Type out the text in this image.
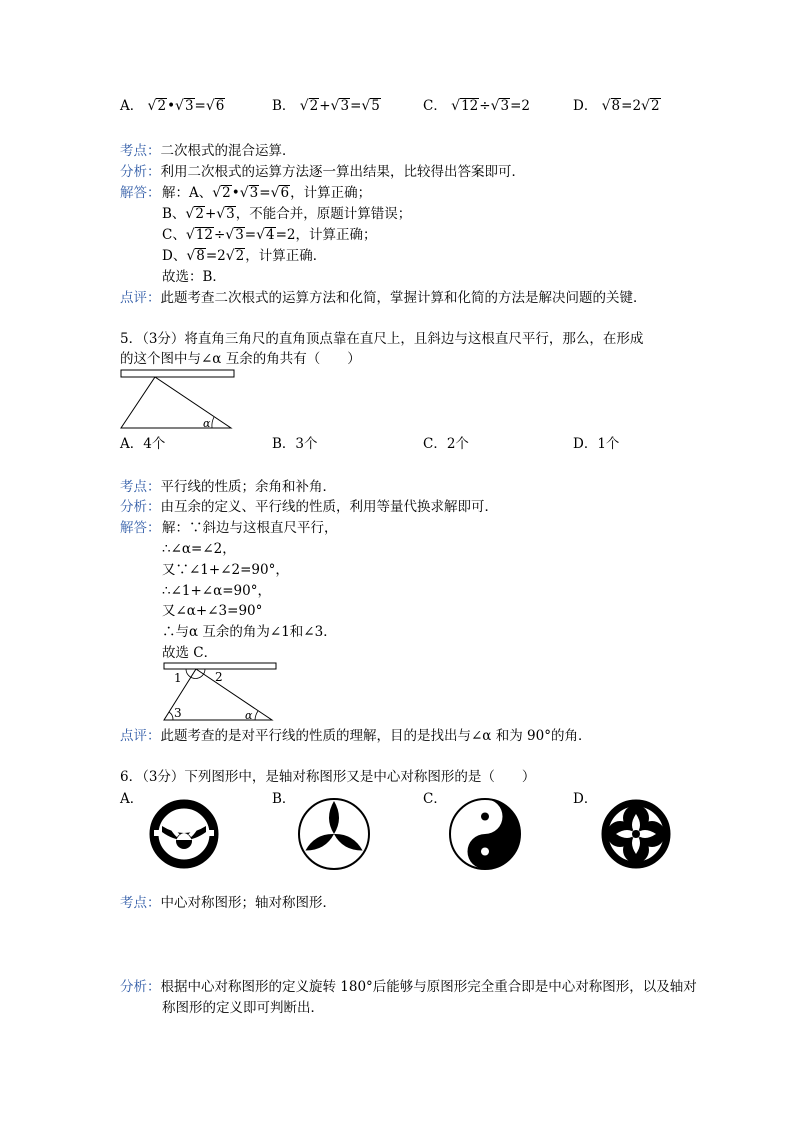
A． √2•√3=√6	B． √2+√3=√5	C． √12÷√3=2	D． √8=2√2
考点：二次根式的混合运算．
分析：利用二次根式的运算方法逐一算出结果，比较得出答案即可．
解答： 解：A、√2•√3=√6，计算正确；
B、√2+√3，不能合并，原题计算错误；
C、√12÷√3=√4=2，计算正确；
D、√8=2√2，计算正确．
故选：B．
点评：此题考查二次根式的运算方法和化简，掌握计算和化简的方法是解决问题的关键．
5．（3分）将直角三角尺的直角顶点靠在直尺上，且斜边与这根直尺平行，那么，在形成
的这个图中与∠α 互余的角共有（　　）
α
A．4个	B．3个	C．2个	D．1个
考点：平行线的性质；余角和补角．
分析：由互余的定义、平行线的性质，利用等量代换求解即可．
解答： 解：∵斜边与这根直尺平行，
∴∠α=∠2，
又∵∠1+∠2=90°，
∴∠1+∠α=90°，
又∠α+∠3=90°
∴与α 互余的角为∠1和∠3．
故选 C．
1	2
3	α
点评：此题考查的是对平行线的性质的理解，目的是找出与∠α 和为 90°的角．
6．（3分）下列图形中，是轴对称图形又是中心对称图形的是（　　）
A．	B．	C．	D．
考点：中心对称图形；轴对称图形．
分析：根据中心对称图形的定义旋转 180°后能够与原图形完全重合即是中心对称图形，以及轴对
称图形的定义即可判断出．
